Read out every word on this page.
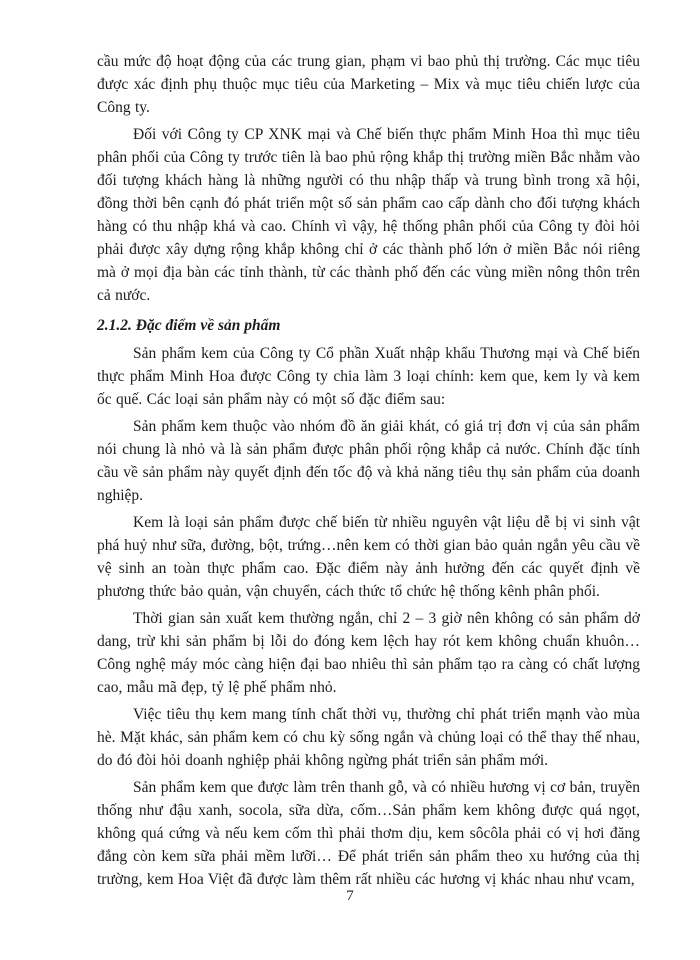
cầu mức độ hoạt động của các trung gian, phạm vi bao phủ thị trường. Các mục tiêu được xác định phụ thuộc mục tiêu của Marketing – Mix và mục tiêu chiến lược của Công ty.

Đối với Công ty CP XNK mại và Chế biến thực phẩm Minh Hoa thì mục tiêu phân phối của Công ty trước tiên là bao phủ rộng khắp thị trường miền Bắc nhằm vào đối tượng khách hàng là những người có thu nhập thấp và trung bình trong xã hội, đồng thời bên cạnh đó phát triển một số sản phẩm cao cấp dành cho đối tượng khách hàng có thu nhập khá và cao. Chính vì vậy, hệ thống phân phối của Công ty đòi hỏi phải được xây dựng rộng khắp không chỉ ở các thành phố lớn ở miền Bắc nói riêng mà ở mọi địa bàn các tỉnh thành, từ các thành phố đến các vùng miền nông thôn trên cả nước.

2.1.2. Đặc điểm về sản phẩm

Sản phẩm kem của Công ty Cổ phần Xuất nhập khẩu Thương mại và Chế biến thực phẩm Minh Hoa được Công ty chia làm 3 loại chính: kem que, kem ly và kem ốc quế. Các loại sản phẩm này có một số đặc điểm sau:

Sản phẩm kem thuộc vào nhóm đồ ăn giải khát, có giá trị đơn vị của sản phẩm nói chung là nhỏ và là sản phẩm được phân phối rộng khắp cả nước. Chính đặc tính cầu về sản phẩm này quyết định đến tốc độ và khả năng tiêu thụ sản phẩm của doanh nghiệp.

Kem là loại sản phẩm được chế biến từ nhiều nguyên vật liệu dễ bị vi sinh vật phá huỷ như sữa, đường, bột, trứng…nên kem có thời gian bảo quản ngắn yêu cầu về vệ sinh an toàn thực phẩm cao. Đặc điểm này ảnh hưởng đến các quyết định về phương thức bảo quản, vận chuyển, cách thức tổ chức hệ thống kênh phân phối.

Thời gian sản xuất kem thường ngắn, chỉ 2 – 3 giờ nên không có sản phẩm dở dang, trừ khi sản phẩm bị lỗi do đóng kem lệch hay rót kem không chuẩn khuôn…Công nghệ máy móc càng hiện đại bao nhiêu thì sản phẩm tạo ra càng có chất lượng cao, mẫu mã đẹp, tỷ lệ phế phẩm nhỏ.

Việc tiêu thụ kem mang tính chất thời vụ, thường chỉ phát triển mạnh vào mùa hè. Mặt khác, sản phẩm kem có chu kỳ sống ngắn và chủng loại có thể thay thế nhau, do đó đòi hỏi doanh nghiệp phải không ngừng phát triển sản phẩm mới.

Sản phẩm kem que được làm trên thanh gỗ, và có nhiều hương vị cơ bản, truyền thống như đậu xanh, socola, sữa dừa, cốm…Sản phẩm kem không được quá ngọt, không quá cứng và nếu kem cốm thì phải thơm dịu, kem sôcôla phải có vị hơi đăng đắng còn kem sữa phải mềm lưỡi… Để phát triển sản phẩm theo xu hướng của thị trường, kem Hoa Việt đã được làm thêm rất nhiều các hương vị khác nhau như vcam,

7
